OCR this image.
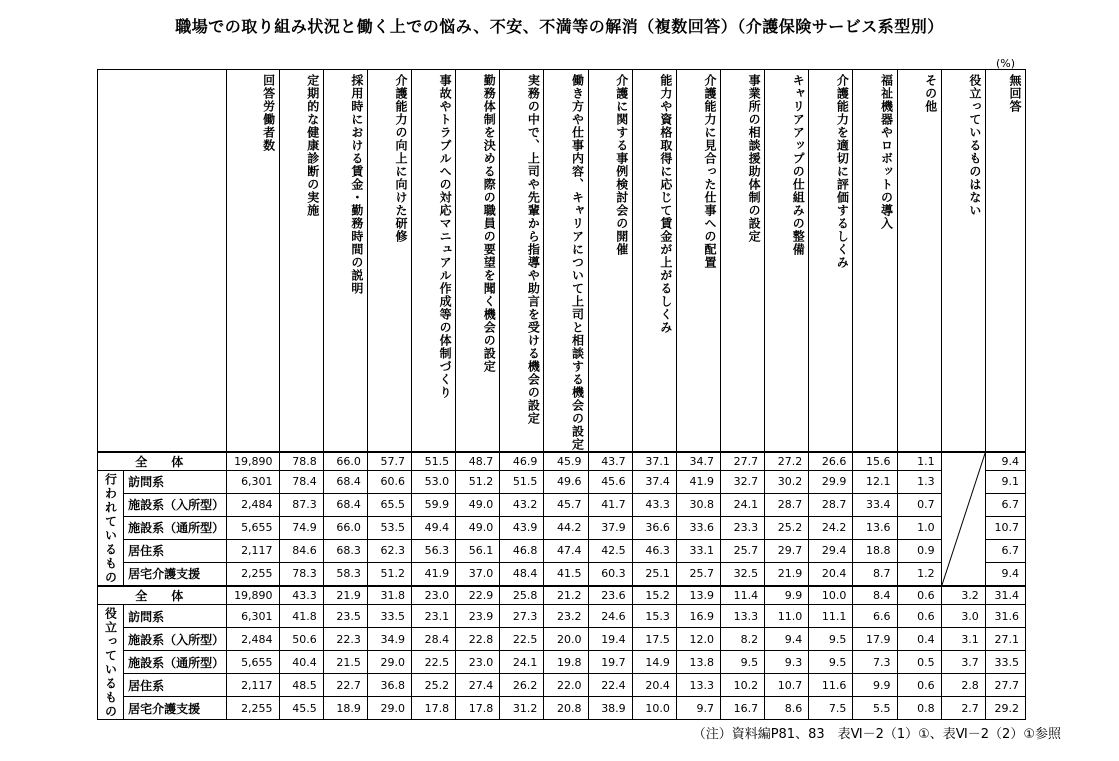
職場での取り組み状況と働く上での悩み、不安、不満等の解消（複数回答）（介護保険サービス系型別）
(%)
		回答労働者数	定期的な健康診断の実施	採用時における賃金・勤務時間の説明	介護能力の向上に向けた研修	事故やトラブルへの対応マニュアル作成等の体制づくり	勤務体制を決める際の職員の要望を聞く機会の設定	実務の中で、上司や先輩から指導や助言を受ける機会の設定	働き方や仕事内容、キャリアについて上司と相談する機会の設定	介護に関する事例検討会の開催	能力や資格取得に応じて賃金が上がるしくみ	介護能力に見合った仕事への配置	事業所の相談援助体制の設定	キャリアアップの仕組みの整備	介護能力を適切に評価するしくみ	福祉機器やロボットの導入	その他	役立っているものはない	無回答
全　体		19,890	78.8	66.0	57.7	51.5	48.7	46.9	45.9	43.7	37.1	34.7	27.7	27.2	26.6	15.6	1.1		9.4
行われているもの	訪問系	6,301	78.4	68.4	60.6	53.0	51.2	51.5	49.6	45.6	37.4	41.9	32.7	30.2	29.9	12.1	1.3		9.1
	施設系（入所型）	2,484	87.3	68.4	65.5	59.9	49.0	43.2	45.7	41.7	43.3	30.8	24.1	28.7	28.7	33.4	0.7		6.7
	施設系（通所型）	5,655	74.9	66.0	53.5	49.4	49.0	43.9	44.2	37.9	36.6	33.6	23.3	25.2	24.2	13.6	1.0		10.7
	居住系	2,117	84.6	68.3	62.3	56.3	56.1	46.8	47.4	42.5	46.3	33.1	25.7	29.7	29.4	18.8	0.9		6.7
	居宅介護支援	2,255	78.3	58.3	51.2	41.9	37.0	48.4	41.5	60.3	25.1	25.7	32.5	21.9	20.4	8.7	1.2		9.4
全　体		19,890	43.3	21.9	31.8	23.0	22.9	25.8	21.2	23.6	15.2	13.9	11.4	9.9	10.0	8.4	0.6	3.2	31.4
役立っているもの	訪問系	6,301	41.8	23.5	33.5	23.1	23.9	27.3	23.2	24.6	15.3	16.9	13.3	11.0	11.1	6.6	0.6	3.0	31.6
	施設系（入所型）	2,484	50.6	22.3	34.9	28.4	22.8	22.5	20.0	19.4	17.5	12.0	8.2	9.4	9.5	17.9	0.4	3.1	27.1
	施設系（通所型）	5,655	40.4	21.5	29.0	22.5	23.0	24.1	19.8	19.7	14.9	13.8	9.5	9.3	9.5	7.3	0.5	3.7	33.5
	居住系	2,117	48.5	22.7	36.8	25.2	27.4	26.2	22.0	22.4	20.4	13.3	10.2	10.7	11.6	9.9	0.6	2.8	27.7
	居宅介護支援	2,255	45.5	18.9	29.0	17.8	17.8	31.2	20.8	38.9	10.0	9.7	16.7	8.6	7.5	5.5	0.8	2.7	29.2
（注）資料編P81、83　表Ⅵ－2（1）①、表Ⅵ－2（2）①参照
